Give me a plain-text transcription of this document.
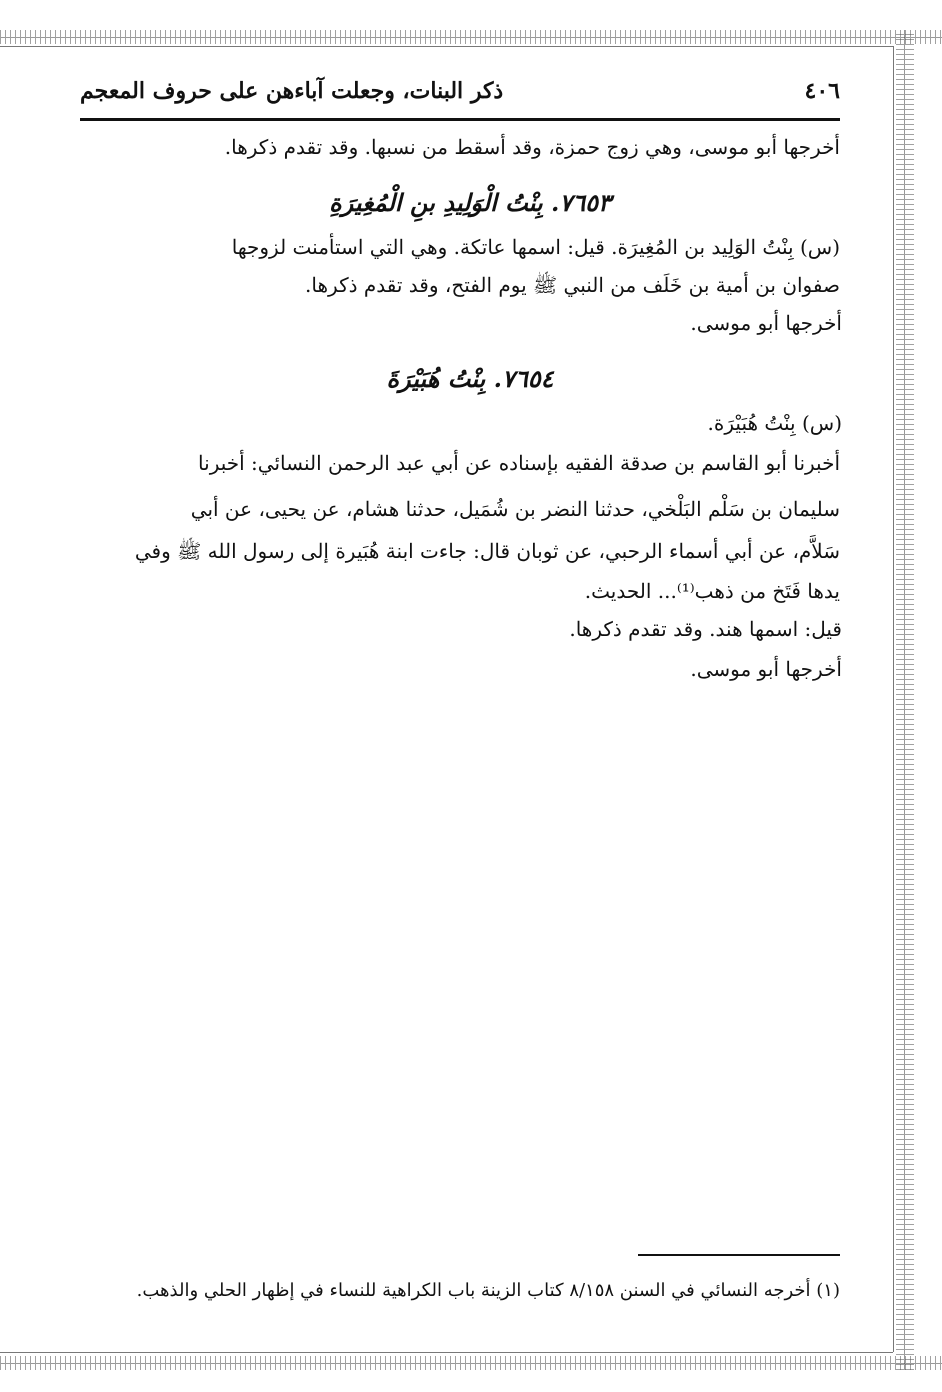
٤٠٦
ذكر البنات، وجعلت آباءهن على حروف المعجم
أخرجها أبو موسى، وهي زوج حمزة، وقد أسقط من نسبها. وقد تقدم ذكرها.
٧٦٥٣. بِنْتُ الْوَلِيدِ بنِ الْمُغِيرَةِ
(س) بِنْتُ الوَلِيد بن المُغِيرَة. قيل: اسمها عاتكة. وهي التي استأمنت لزوجها
صفوان بن أمية بن خَلَف من النبي ﷺ يوم الفتح، وقد تقدم ذكرها.
أخرجها أبو موسى.
٧٦٥٤. بِنْتُ هُبَيْرَةَ
(س) بِنْتُ هُبَيْرَة.
أخبرنا أبو القاسم بن صدقة الفقيه بإسناده عن أبي عبد الرحمن النسائي: أخبرنا
سليمان بن سَلْم البَلْخي، حدثنا النضر بن شُمَيل، حدثنا هشام، عن يحيى، عن أبي
سَلاَّم، عن أبي أسماء الرحبي، عن ثوبان قال: جاءت ابنة هُبَيرة إلى رسول الله ﷺ وفي
يدها فَتَخ من ذهب⁽¹⁾... الحديث.
قيل: اسمها هند. وقد تقدم ذكرها.
أخرجها أبو موسى.
(١) أخرجه النسائي في السنن ٨/١٥٨ كتاب الزينة باب الكراهية للنساء في إظهار الحلي والذهب.
